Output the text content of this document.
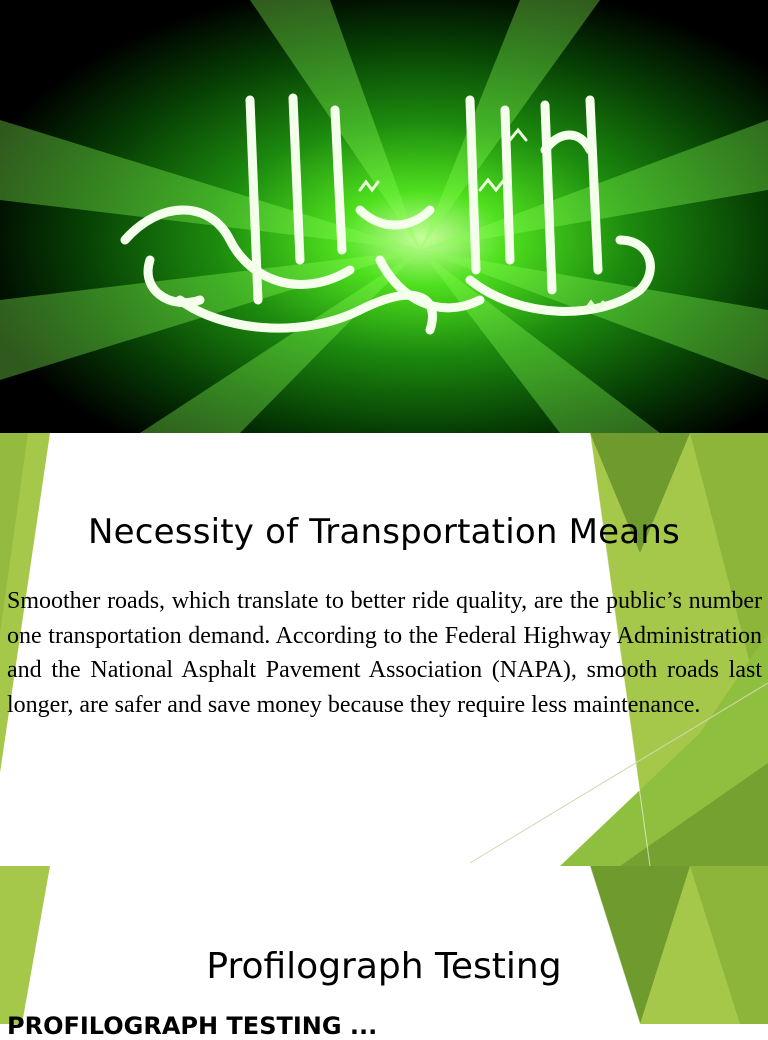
Necessity of Transportation Means

Smoother roads, which translate to better ride quality, are the public’s number one transportation demand. According to the Federal Highway Administration and the National Asphalt Pavement Association (NAPA), smooth roads last longer, are safer and save money because they require less maintenance.

Profilograph Testing
PROFILOGRAPH TESTING ...
